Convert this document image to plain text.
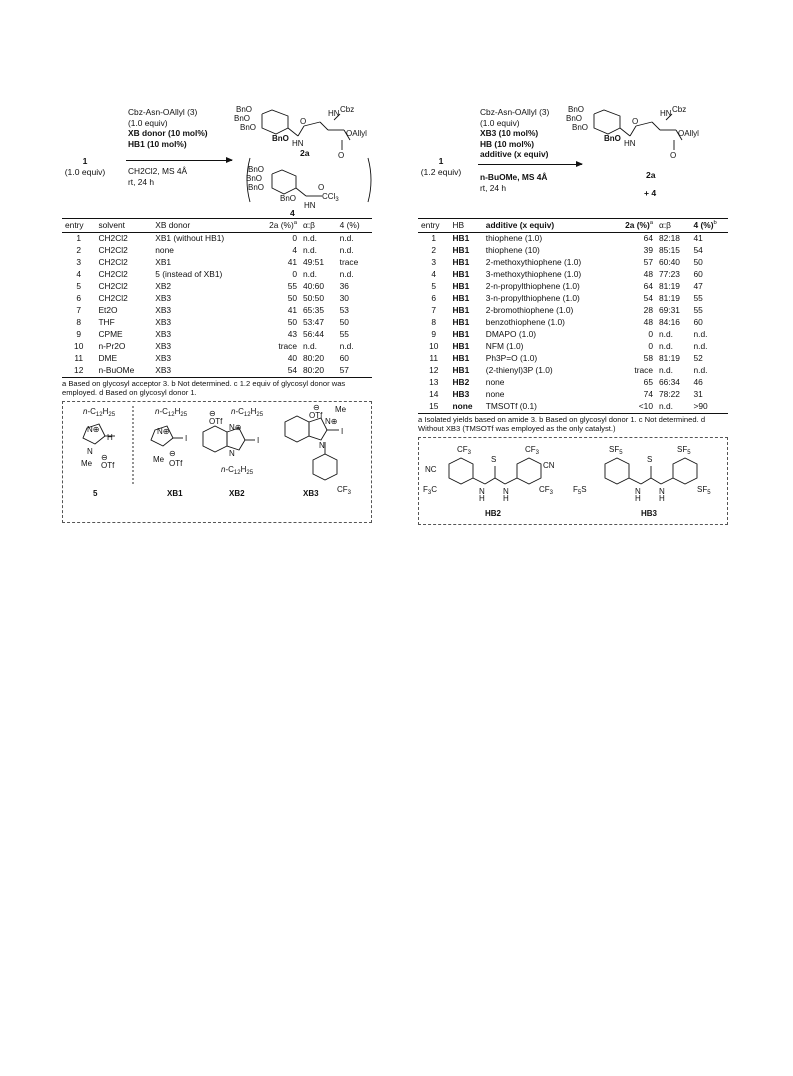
1
(1.0 equiv)
Cbz-Asn-OAllyl (3)
(1.0 equiv)
XB donor (10 mol%)
HB1 (10 mol%)
CH2Cl2, MS 4Å
rt, 24 h
BnO
BnO
BnO
BnO
HN
O
HN Cbz
OAllyl
O
2a
BnO
BnO
BnO
BnO
HN
CCl$_3$
O
4
entry	solvent	XB donor	2a (%)$^a$	α:β	4 (%)
1	CH2Cl2	XB1 (without HB1)	0	n.d.	n.d.
2	CH2Cl2	none	4	n.d.	n.d.
3	CH2Cl2	XB1	41	49:51	trace
4	CH2Cl2	5 (instead of XB1)	0	n.d.	n.d.
5	CH2Cl2	XB2	55	40:60	36
6	CH2Cl2	XB3	50	50:50	30
7	Et2O	XB3	41	65:35	53
8	THF	XB3	50	53:47	50
9	CPME	XB3	43	56:44	55
10	n-Pr2O	XB3	trace	n.d.	n.d.
11	DME	XB3	40	80:20	60
12	n-BuOMe	XB3	54	80:20	57
a Based on glycosyl acceptor 3. b Not determined. c 1.2 equiv of glycosyl donor was employed. d Based on glycosyl donor 1.
$n-C_{12}H_{25}$
N⊕
H
N
Me
⊖
OTf
5
$n-C_{12}H_{25}$
N⊕
I
Me
⊖
OTf
XB1
⊖
OTf
$n-C_{12}H_{25}$
N⊕
I
N
$n-C_{12}H_{25}$
XB2
⊖
OTf
Me
N⊕
I
N
$CF_3$
XB3
1
(1.2 equiv)
Cbz-Asn-OAllyl (3)
(1.0 equiv)
XB3 (10 mol%)
HB (10 mol%)
additive (x equiv)
n-BuOMe, MS 4Å
rt, 24 h
BnO
BnO
BnO
BnO
HN
O
HN Cbz
OAllyl
O
2a
+ 4
entry	HB	additive (x equiv)	2a (%)$^a$	α:β	4 (%)$^b$
1	HB1	thiophene (1.0)	64	82:18	41
2	HB1	thiophene (10)	39	85:15	54
3	HB1	2-methoxythiophene (1.0)	57	60:40	50
4	HB1	3-methoxythiophene (1.0)	48	77:23	60
5	HB1	2-n-propylthiophene (1.0)	64	81:19	47
6	HB1	3-n-propylthiophene (1.0)	54	81:19	55
7	HB1	2-bromothiophene (1.0)	28	69:31	55
8	HB1	benzothiophene (1.0)	48	84:16	60
9	HB1	DMAPO (1.0)	0	n.d.	n.d.
10	HB1	NFM (1.0)	0	n.d.	n.d.
11	HB1	Ph3P=O (1.0)	58	81:19	52
12	HB1	(2-thienyl)3P (1.0)	trace	n.d.	n.d.
13	HB2	none	65	66:34	46
14	HB3	none	74	78:22	31
15	none	TMSOTf (0.1)	<10	n.d.	>90
a Isolated yields based on amide 3. b Based on glycosyl donor 1. c Not determined. d Without XB3 (TMSOTf was employed as the only catalyst.)
$CF_3$
NC
$F_3C$
S
N
H
N
H
$CF_3$
CN
$CF_3$
HB2
$SF_5$
$F_5S$
S
N
H
N
H
$SF_5$
$SF_5$
HB3
